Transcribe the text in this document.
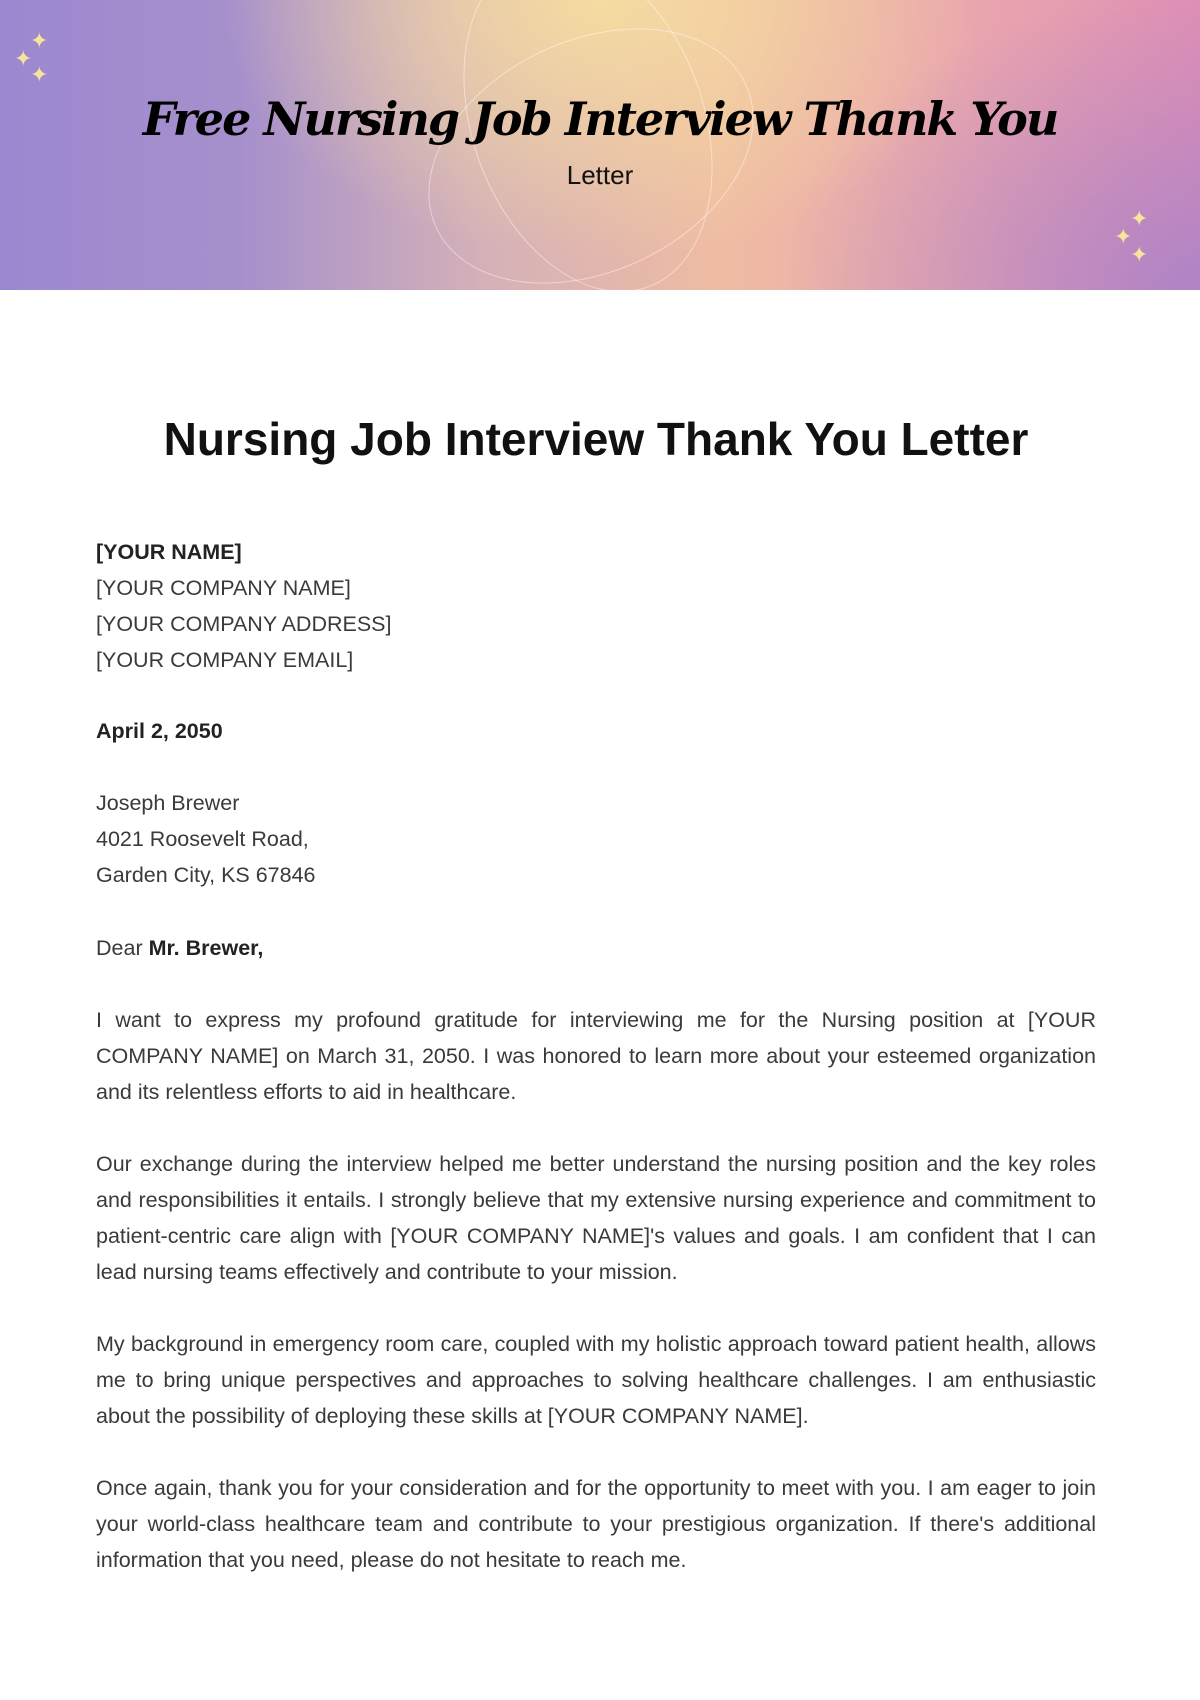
✦
✦
✦
✦
✦
✦
Free Nursing Job Interview Thank You
Letter
Nursing Job Interview Thank You Letter

[YOUR NAME]

[YOUR COMPANY NAME]

[YOUR COMPANY ADDRESS]

[YOUR COMPANY EMAIL]

April 2, 2050

Joseph Brewer

4021 Roosevelt Road,

Garden City, KS 67846

Dear Mr. Brewer,

I want to express my profound gratitude for interviewing me for the Nursing position at [YOUR COMPANY NAME] on March 31, 2050. I was honored to learn more about your esteemed organization and its relentless efforts to aid in healthcare.

Our exchange during the interview helped me better understand the nursing position and the key roles and responsibilities it entails. I strongly believe that my extensive nursing experience and commitment to patient-centric care align with [YOUR COMPANY NAME]'s values and goals. I am confident that I can lead nursing teams effectively and contribute to your mission.

My background in emergency room care, coupled with my holistic approach toward patient health, allows me to bring unique perspectives and approaches to solving healthcare challenges. I am enthusiastic about the possibility of deploying these skills at [YOUR COMPANY NAME].

Once again, thank you for your consideration and for the opportunity to meet with you. I am eager to join your world-class healthcare team and contribute to your prestigious organization. If there's additional information that you need, please do not hesitate to reach me.
